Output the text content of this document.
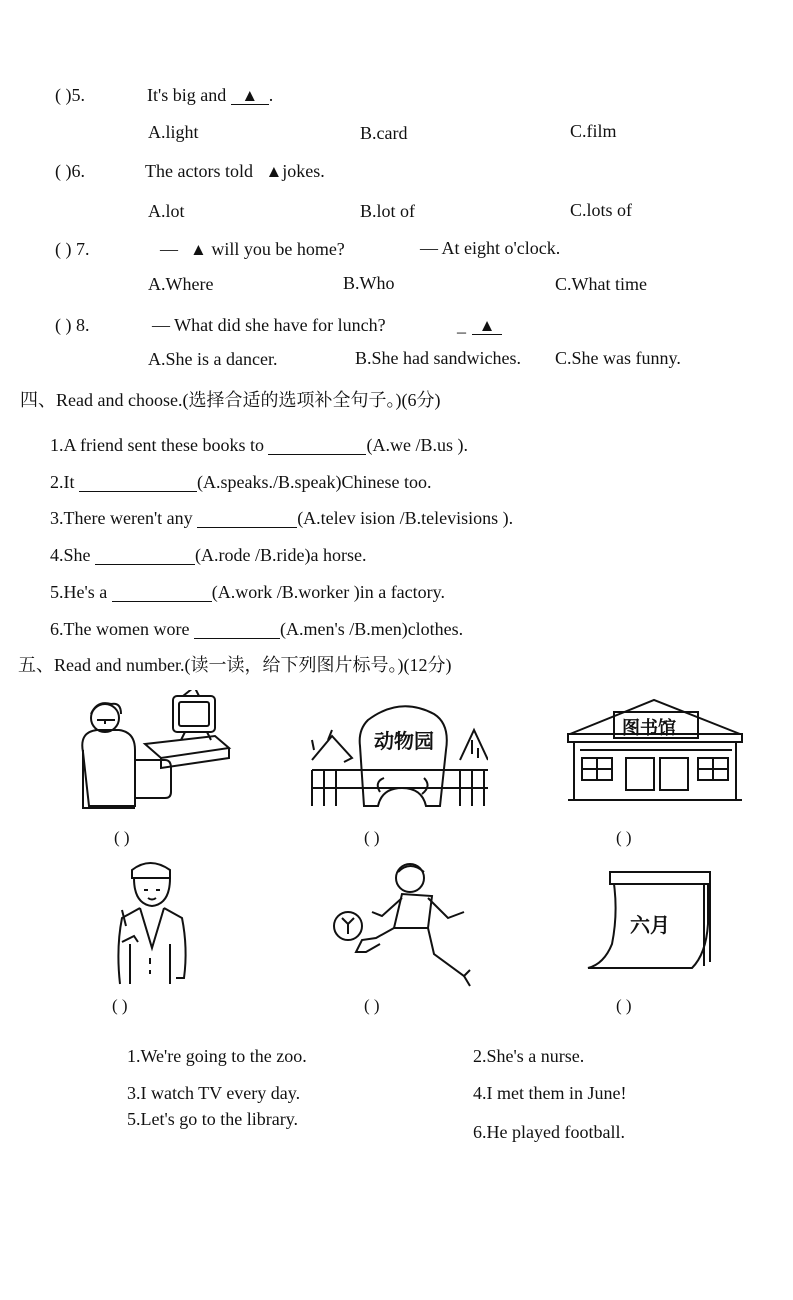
( )5.	It's big and ▲ .
A.light	B.card	C.film
( )6.	The actors told ▲jokes.
A.lot	B.lot of	C.lots of
( ) 7.	— ▲ will you be home?	— At eight o'clock.
A.Where	B.Who	C.What time
( ) 8.	— What did she have for lunch?	_ ▲
A.She is a dancer.	B.She had sandwiches. C.She was funny.
四、Read and choose.(选择合适的选项补全句子。)(6分)
1.A friend sent these books to	(A.we /B.us ).
2.It	(A.speaks./B.speak)Chinese too.
3.There weren't any	(A.telev ision /B.televisions ).
4.She	(A.rode /B.ride)a horse.
5.He's a	(A.work /B.worker )in a factory.
6.The women wore	(A.men's /B.men)clothes.
五、Read and number.(读一读，给下列图片标号。)(12分)
( )
动物园
( )
图书馆
( )
( )	( )
六月
( )
1.We're going to the zoo.	2.She's a nurse.
3.I watch TV every day.	4.I met them in June!
5.Let's go to the library.
6.He played football.
